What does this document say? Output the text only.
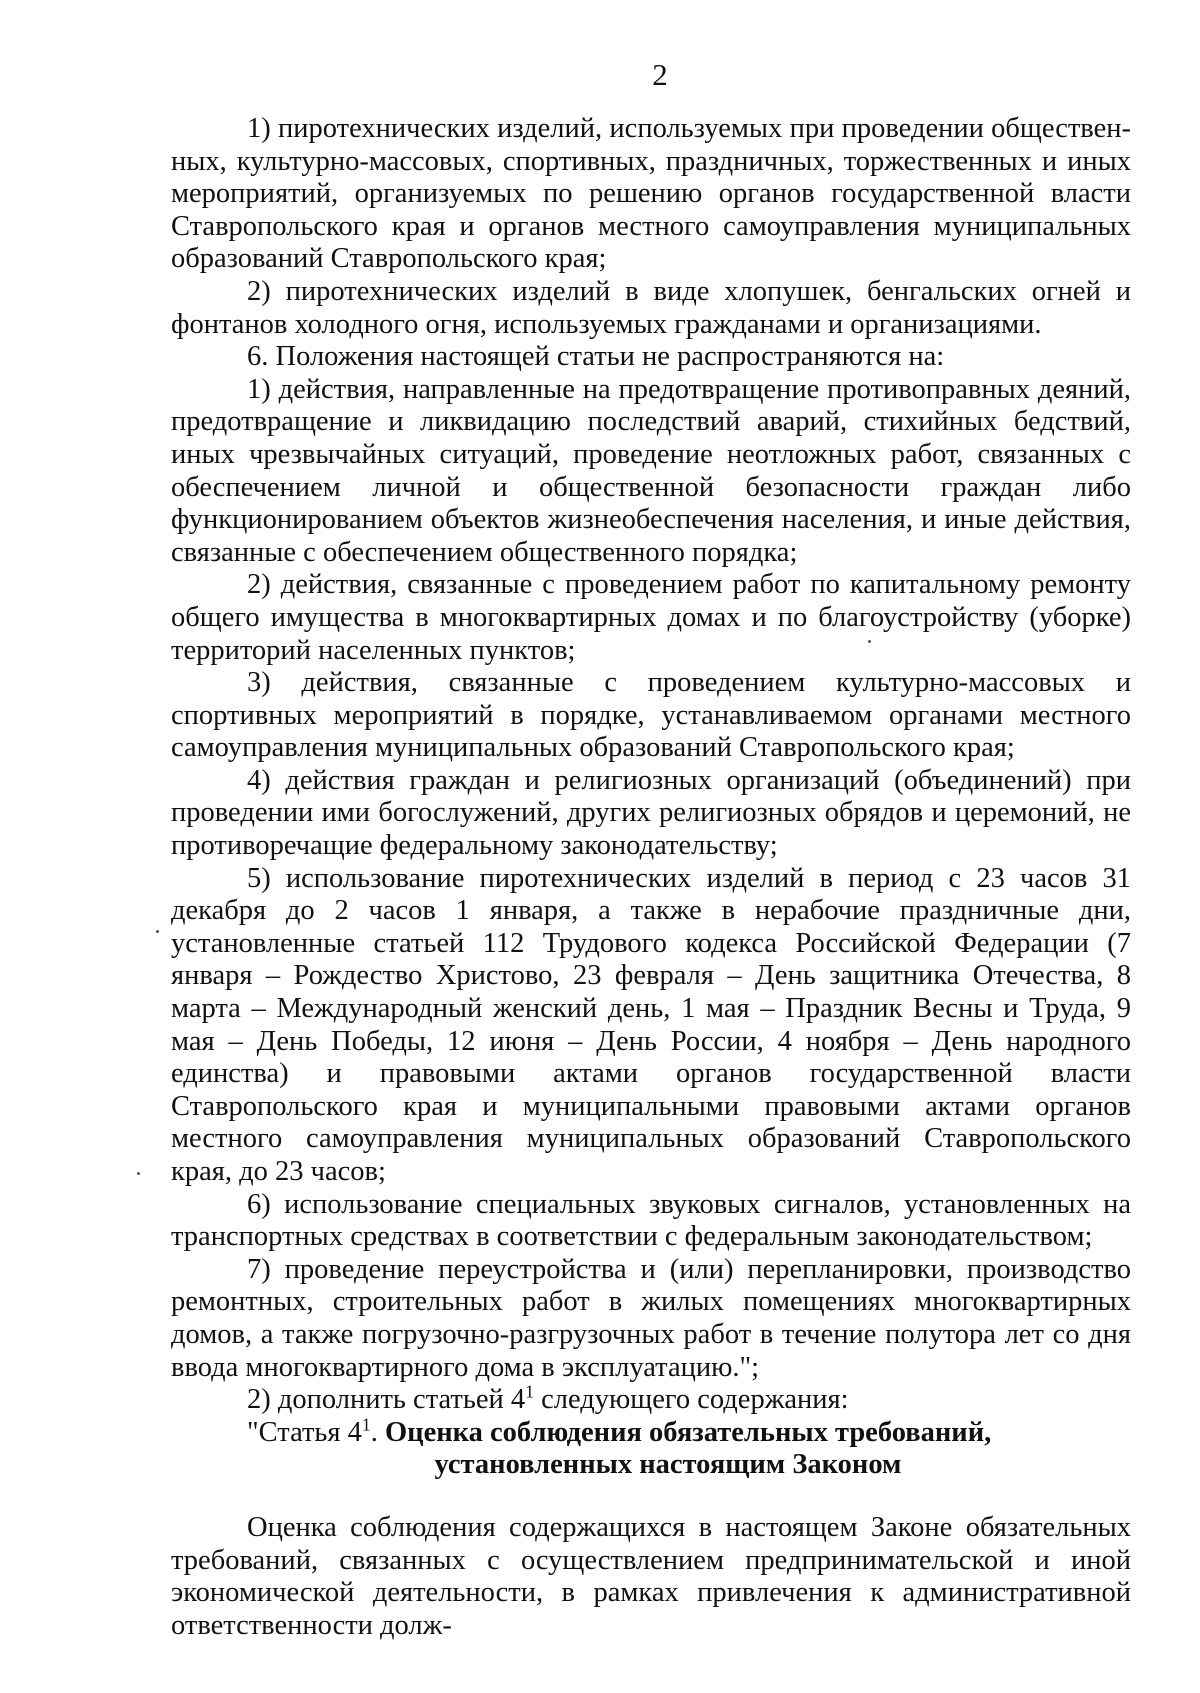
2

1) пиротехнических изделий, используемых при проведении общественных, культурно-массовых, спортивных, праздничных, торжественных и иных мероприятий, организуемых по решению органов государственной власти Ставропольского края и органов местного самоуправления муниципальных образований Ставропольского края;

2) пиротехнических изделий в виде хлопушек, бенгальских огней и фонтанов холодного огня, используемых гражданами и организациями.

6. Положения настоящей статьи не распространяются на:

1) действия, направленные на предотвращение противоправных деяний, предотвращение и ликвидацию последствий аварий, стихийных бедствий, иных чрезвычайных ситуаций, проведение неотложных работ, связанных с обеспечением личной и общественной безопасности граждан либо функционированием объектов жизнеобеспечения населения, и иные действия, связанные с обеспечением общественного порядка;

2) действия, связанные с проведением работ по капитальному ремонту общего имущества в многоквартирных домах и по благоустройству (уборке) территорий населенных пунктов;

3) действия, связанные с проведением культурно-массовых и спортивных мероприятий в порядке, устанавливаемом органами местного самоуправления муниципальных образований Ставропольского края;

4) действия граждан и религиозных организаций (объединений) при проведении ими богослужений, других религиозных обрядов и церемоний, не противоречащие федеральному законодательству;

5) использование пиротехнических изделий в период с 23 часов 31 декабря до 2 часов 1 января, а также в нерабочие праздничные дни, установленные статьей 112 Трудового кодекса Российской Федерации (7 января – Рождество Христово, 23 февраля – День защитника Отечества, 8 марта – Международный женский день, 1 мая – Праздник Весны и Труда, 9 мая – День Победы, 12 июня – День России, 4 ноября – День народного единства) и правовыми актами органов государственной власти Ставропольского края и муниципальными правовыми актами органов местного самоуправления муниципальных образований Ставропольского края, до 23 часов;

6) использование специальных звуковых сигналов, установленных на транспортных средствах в соответствии с федеральным законодательством;

7) проведение переустройства и (или) перепланировки, производство ремонтных, строительных работ в жилых помещениях многоквартирных домов, а также погрузочно-разгрузочных работ в течение полутора лет со дня ввода многоквартирного дома в эксплуатацию.";

2) дополнить статьей $4^1$ следующего содержания:

"Статья $4^1$. Оценка соблюдения обязательных требований,

установленных настоящим Законом

Оценка соблюдения содержащихся в настоящем Законе обязательных требований, связанных с осуществлением предпринимательской и иной экономической деятельности, в рамках привлечения к административной ответственности долж-
